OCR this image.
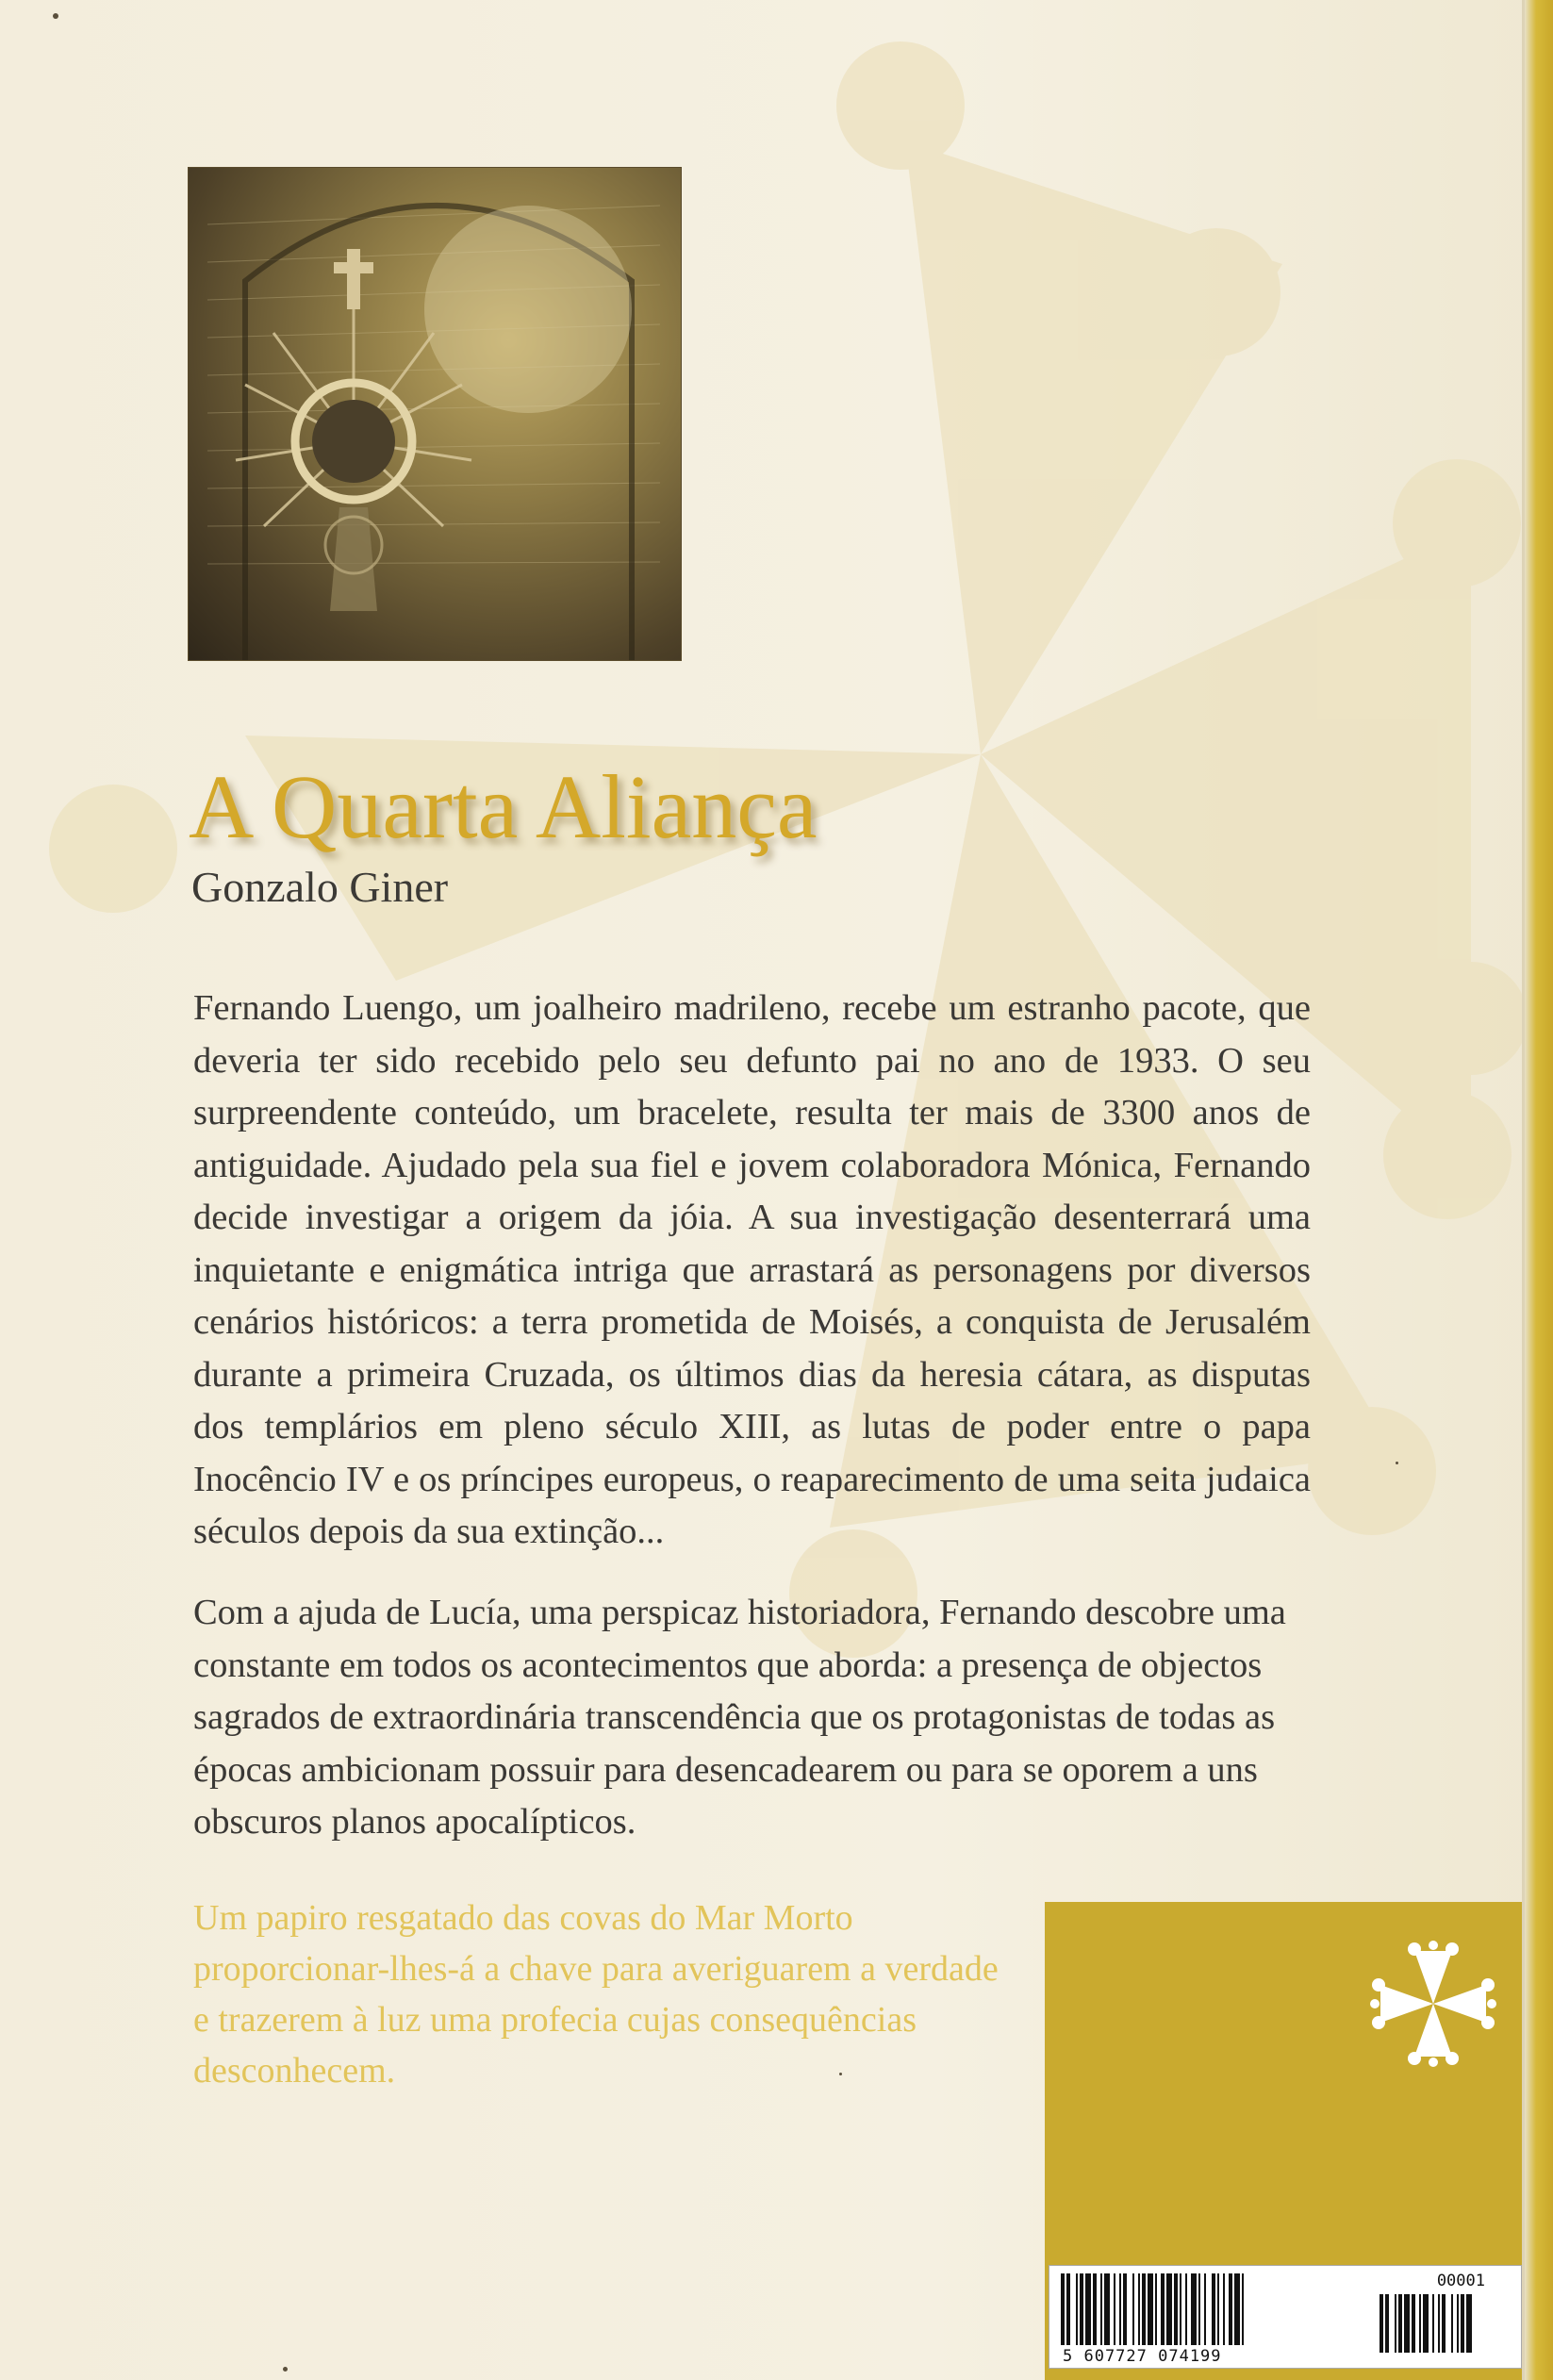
A Quarta Aliança

Gonzalo Giner

Fernando Luengo, um joalheiro madrileno, recebe um estranho pacote, que deveria ter sido recebido pelo seu defunto pai no ano de 1933. O seu surpreendente conteúdo, um bracelete, resulta ter mais de 3300 anos de antiguidade. Ajudado pela sua fiel e jovem colaboradora Mónica, Fernando decide investigar a origem da jóia. A sua investigação desenterrará uma inquietante e enigmática intriga que arrastará as personagens por diversos cenários históricos: a terra prometida de Moisés, a conquista de Jerusalém durante a primeira Cruzada, os últimos dias da heresia cátara, as disputas dos templários em pleno século XIII, as lutas de poder entre o papa Inocêncio IV e os príncipes europeus, o reaparecimento de uma seita judaica séculos depois da sua extinção...

Com a ajuda de Lucía, uma perspicaz historiadora, Fernando descobre uma constante em todos os acontecimentos que aborda: a presença de objectos sagrados de extraordinária transcendência que os protagonistas de todas as épocas ambicionam possuir para desencadearem ou para se oporem a uns obscuros planos apocalípticos.

Um papiro resgatado das covas do Mar Morto proporcionar-lhes-á a chave para averiguarem a verdade e trazerem à luz uma profecia cujas consequências desconhecem.

00001
5 607727 074199
